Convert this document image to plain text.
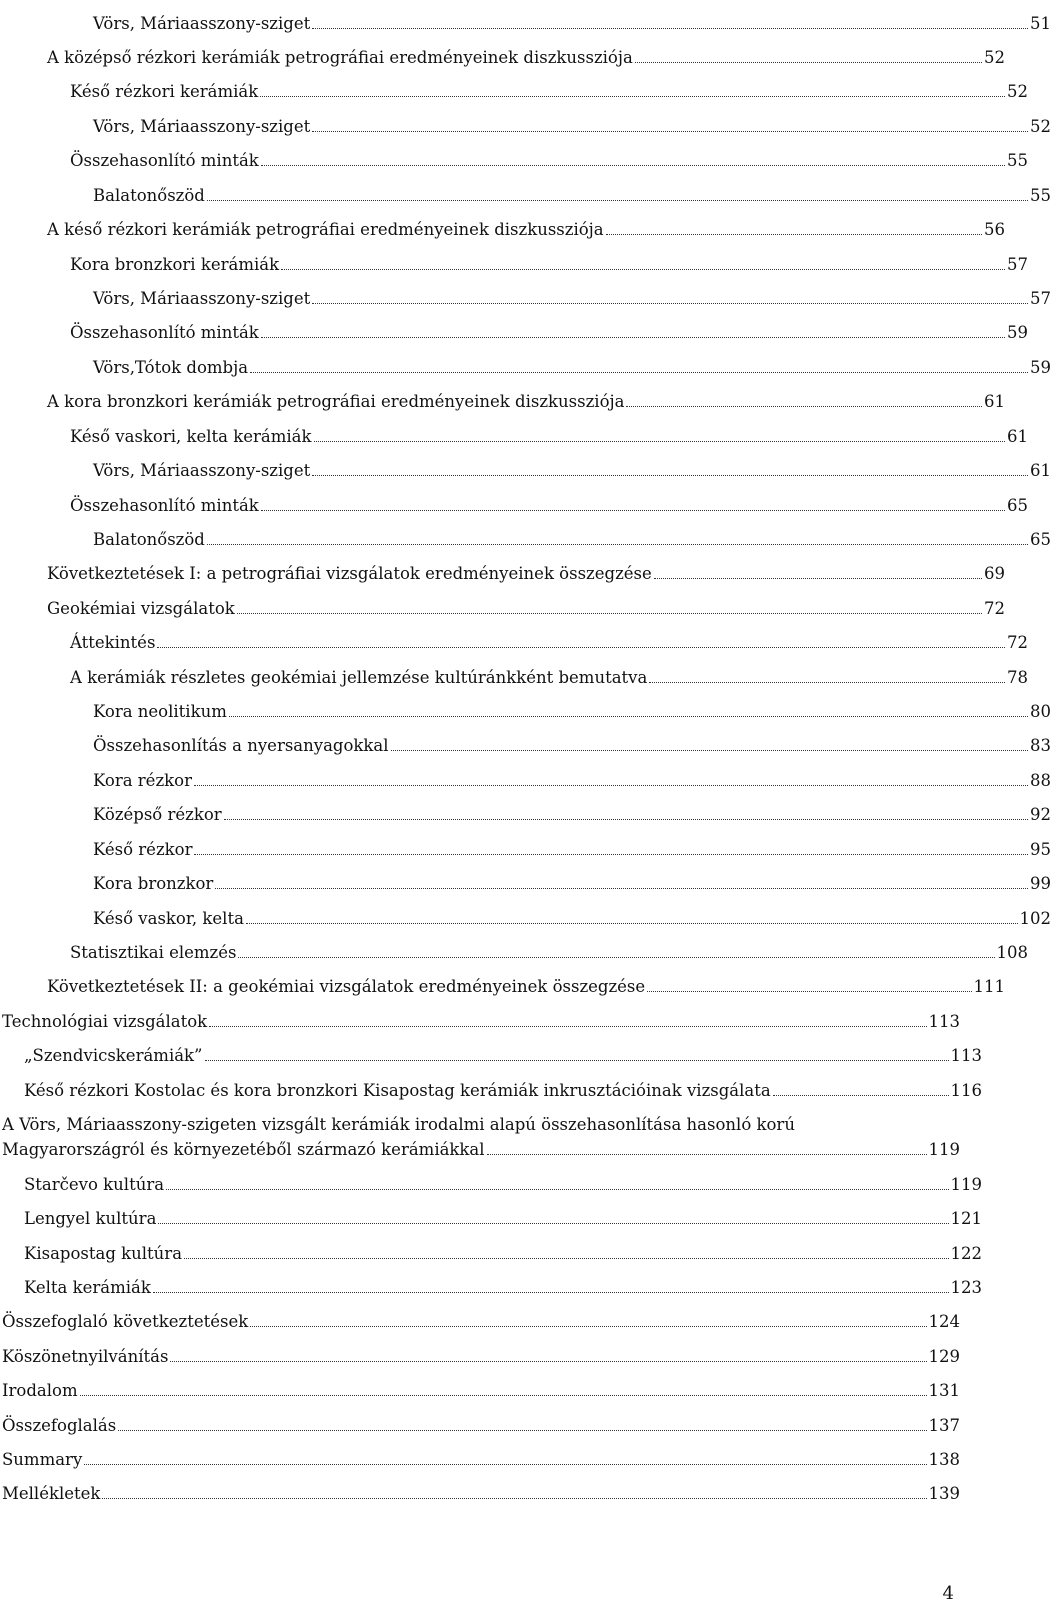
Vörs, Máriaasszony-sziget	51
A középső rézkori kerámiák petrográfiai eredményeinek diszkussziója	52
Késő rézkori kerámiák	52
Vörs, Máriaasszony-sziget	52
Összehasonlító minták	55
Balatonőszöd	55
A késő rézkori kerámiák petrográfiai eredményeinek diszkussziója	56
Kora bronzkori kerámiák	57
Vörs, Máriaasszony-sziget	57
Összehasonlító minták	59
Vörs,Tótok dombja	59
A kora bronzkori kerámiák petrográfiai eredményeinek diszkussziója	61
Késő vaskori, kelta kerámiák	61
Vörs, Máriaasszony-sziget	61
Összehasonlító minták	65
Balatonőszöd	65
Következtetések I: a petrográfiai vizsgálatok eredményeinek összegzése	69
Geokémiai vizsgálatok	72
Áttekintés	72
A kerámiák részletes geokémiai jellemzése kultúránkként bemutatva	78
Kora neolitikum	80
Összehasonlítás a nyersanyagokkal	83
Kora rézkor	88
Középső rézkor	92
Késő rézkor	95
Kora bronzkor	99
Késő vaskor, kelta	102
Statisztikai elemzés	108
Következtetések II: a geokémiai vizsgálatok eredményeinek összegzése	111
Technológiai vizsgálatok	113
„Szendvicskerámiák”	113
Késő rézkori Kostolac és kora bronzkori Kisapostag kerámiák inkrusztációinak vizsgálata	116
A Vörs, Máriaasszony-szigeten vizsgált kerámiák irodalmi alapú összehasonlítása hasonló korú
Magyarországról és környezetéből származó kerámiákkal	119
Starčevo kultúra	119
Lengyel kultúra	121
Kisapostag kultúra	122
Kelta kerámiák	123
Összefoglaló következtetések	124
Köszönetnyilvánítás	129
Irodalom	131
Összefoglalás	137
Summary	138
Mellékletek	139
4
